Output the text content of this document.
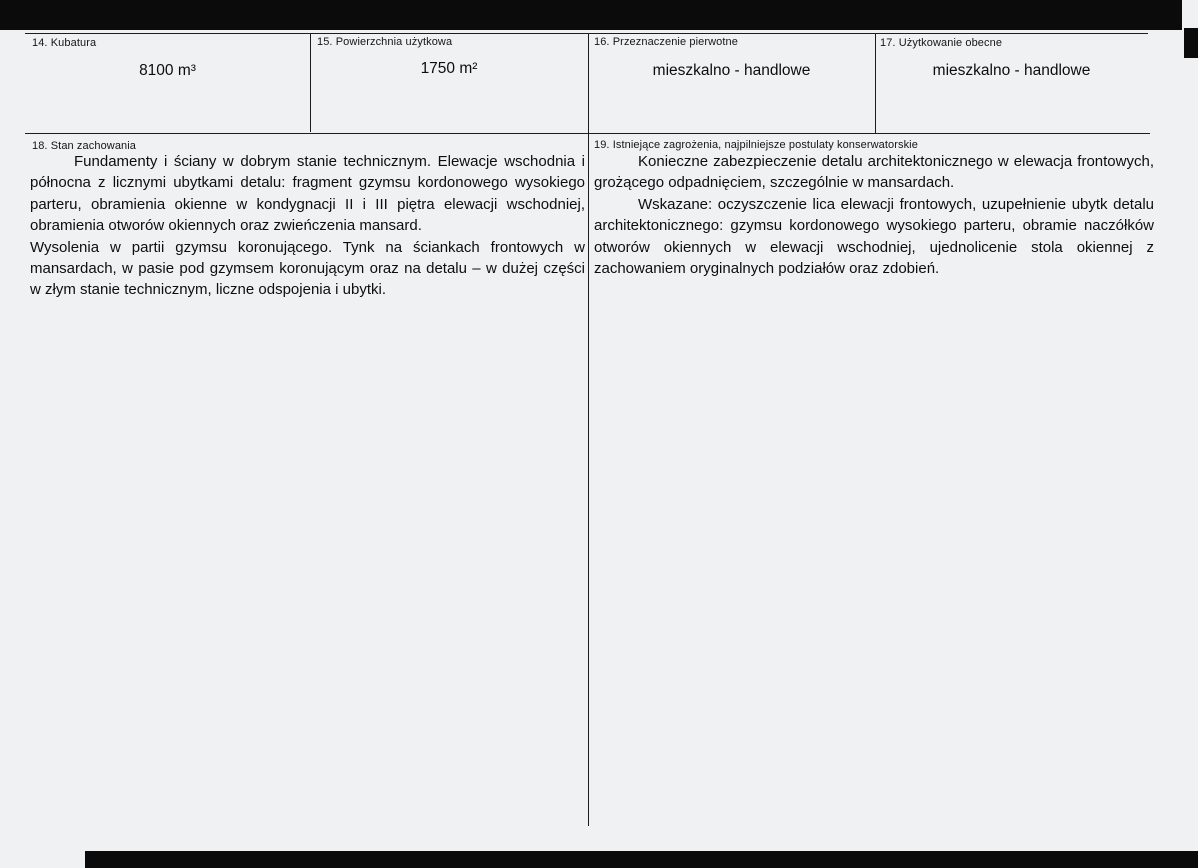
14. Kubatura	15. Powierzchnia użytkowa	16. Przeznaczenie pierwotne	17. Użytkowanie obecne
8100 m³	1750 m²	mieszkalno - handlowe	mieszkalno - handlowe
18. Stan zachowania

Fundamenty i ściany w dobrym stanie technicznym. Elewacje wschodnia i północna z licznymi ubytkami detalu: fragment gzymsu kordonowego wysokiego parteru, obramienia okienne w kondygnacji II i III piętra elewacji wschodniej, obramienia otworów okiennych oraz zwieńczenia mansard.

Wysolenia w partii gzymsu koronującego. Tynk na ściankach frontowych w mansardach, w pasie pod gzymsem koronującym oraz na detalu – w dużej części w złym stanie technicznym, liczne odspojenia i ubytki.

19. Istniejące zagrożenia, najpilniejsze postulaty konserwatorskie

Konieczne zabezpieczenie detalu architektonicznego w elewacja frontowych, grożącego odpadnięciem, szczególnie w mansardach.

Wskazane: oczyszczenie lica elewacji frontowych, uzupełnienie ubytk detalu architektonicznego: gzymsu kordonowego wysokiego parteru, obramie naczółków otworów okiennych w elewacji wschodniej, ujednolicenie stola okiennej z zachowaniem oryginalnych podziałów oraz zdobień.
